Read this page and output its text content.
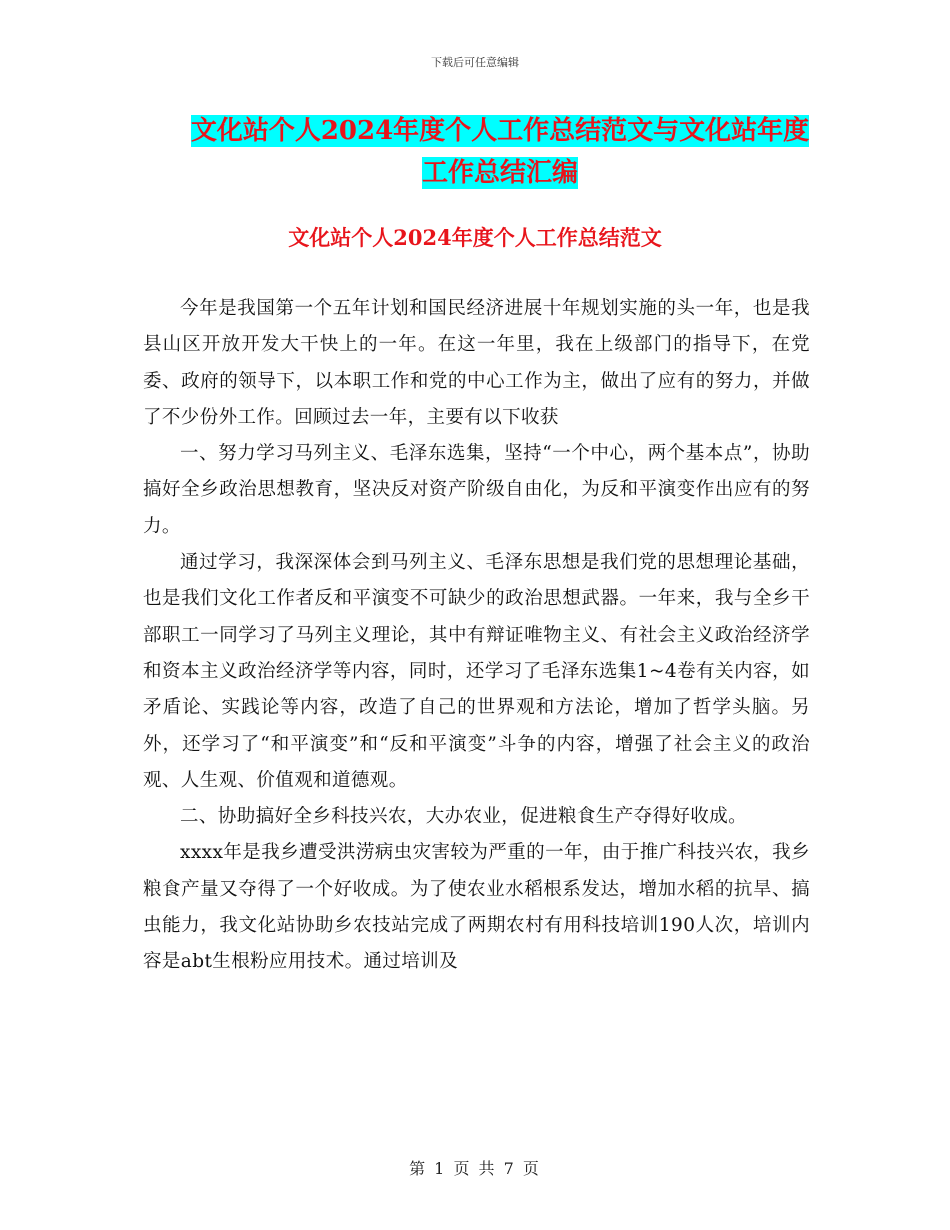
下载后可任意编辑
文化站个人2024年度个人工作总结范文与文化站年度
工作总结汇编
文化站个人2024年度个人工作总结范文

今年是我国第一个五年计划和国民经济进展十年规划实施的头一年，也是我县山区开放开发大干快上的一年。在这一年里，我在上级部门的指导下，在党委、政府的领导下，以本职工作和党的中心工作为主，做出了应有的努力，并做了不少份外工作。回顾过去一年，主要有以下收获

一、努力学习马列主义、毛泽东选集，坚持“一个中心，两个基本点”，协助搞好全乡政治思想教育，坚决反对资产阶级自由化，为反和平演变作出应有的努力。

通过学习，我深深体会到马列主义、毛泽东思想是我们党的思想理论基础，也是我们文化工作者反和平演变不可缺少的政治思想武器。一年来，我与全乡干部职工一同学习了马列主义理论，其中有辩证唯物主义、有社会主义政治经济学和资本主义政治经济学等内容，同时，还学习了毛泽东选集1~4卷有关内容，如矛盾论、实践论等内容，改造了自己的世界观和方法论，增加了哲学头脑。另外，还学习了“和平演变”和“反和平演变”斗争的内容，增强了社会主义的政治观、人生观、价值观和道德观。

二、协助搞好全乡科技兴农，大办农业，促进粮食生产夺得好收成。

xxxx年是我乡遭受洪涝病虫灾害较为严重的一年，由于推广科技兴农，我乡粮食产量又夺得了一个好收成。为了使农业水稻根系发达，增加水稻的抗旱、搞虫能力，我文化站协助乡农技站完成了两期农村有用科技培训190人次，培训内容是abt生根粉应用技术。通过培训及

第 1 页 共 7 页
